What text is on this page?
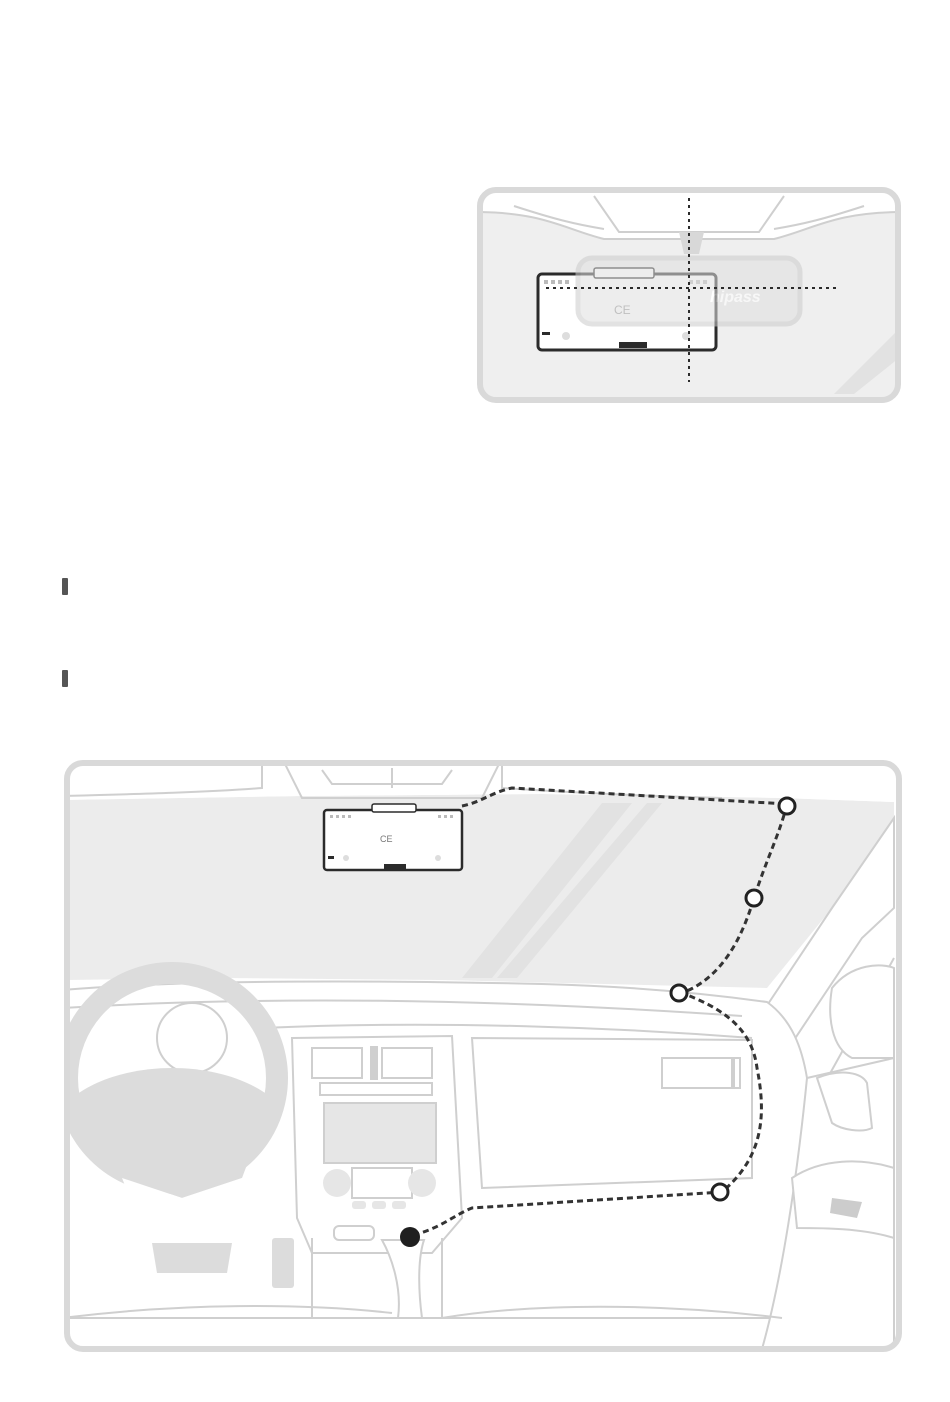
hipass
CE
